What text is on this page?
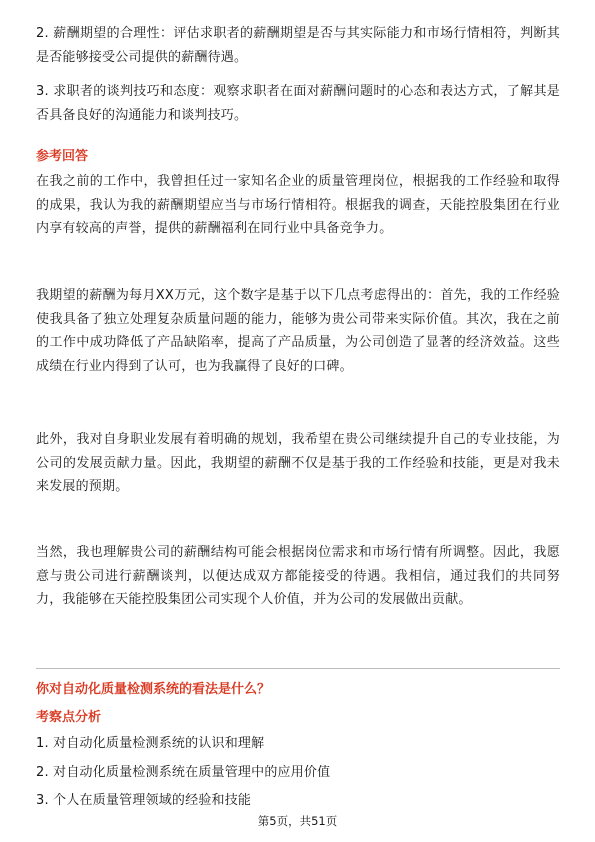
2. 薪酬期望的合理性：评估求职者的薪酬期望是否与其实际能力和市场行情相符，判断其是否能够接受公司提供的薪酬待遇。

3. 求职者的谈判技巧和态度：观察求职者在面对薪酬问题时的心态和表达方式，了解其是否具备良好的沟通能力和谈判技巧。

参考回答

在我之前的工作中，我曾担任过一家知名企业的质量管理岗位，根据我的工作经验和取得的成果，我认为我的薪酬期望应当与市场行情相符。根据我的调查，天能控股集团在行业内享有较高的声誉，提供的薪酬福利在同行业中具备竞争力。

我期望的薪酬为每月XX万元，这个数字是基于以下几点考虑得出的：首先，我的工作经验使我具备了独立处理复杂质量问题的能力，能够为贵公司带来实际价值。其次，我在之前的工作中成功降低了产品缺陷率，提高了产品质量，为公司创造了显著的经济效益。这些成绩在行业内得到了认可，也为我赢得了良好的口碑。

此外，我对自身职业发展有着明确的规划，我希望在贵公司继续提升自己的专业技能，为公司的发展贡献力量。因此，我期望的薪酬不仅是基于我的工作经验和技能，更是对我未来发展的预期。

当然，我也理解贵公司的薪酬结构可能会根据岗位需求和市场行情有所调整。因此，我愿意与贵公司进行薪酬谈判，以便达成双方都能接受的待遇。我相信，通过我们的共同努力，我能够在天能控股集团公司实现个人价值，并为公司的发展做出贡献。

你对自动化质量检测系统的看法是什么？

考察点分析

1. 对自动化质量检测系统的认识和理解

2. 对自动化质量检测系统在质量管理中的应用价值

3. 个人在质量管理领域的经验和技能

第5页，共51页
